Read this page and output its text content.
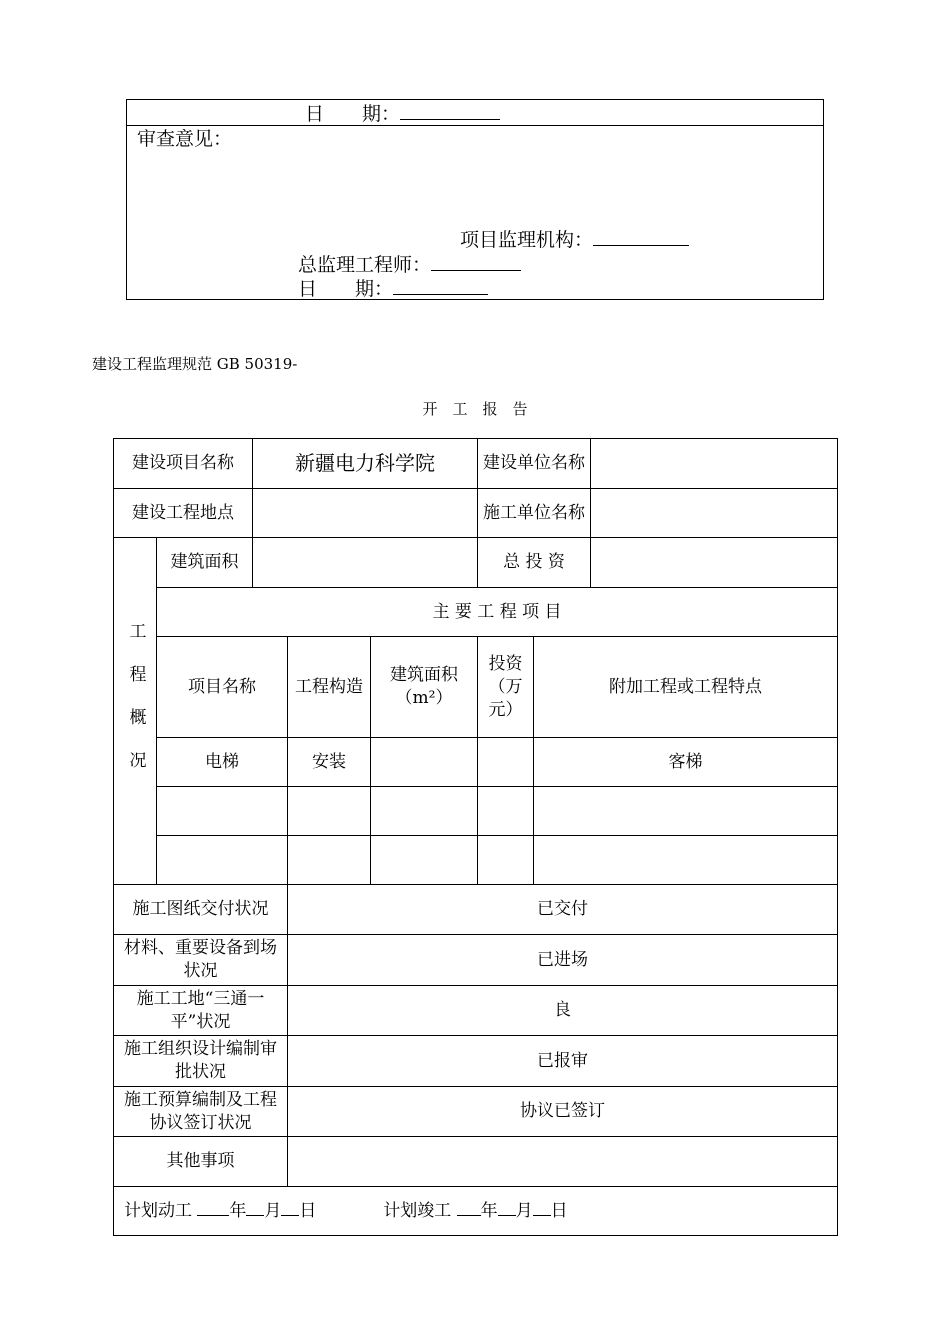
日　　期：
审查意见：
项目监理机构：
总监理工程师：
日　　期：
建设工程监理规范 GB 50319-
开　工　报　告
建设项目名称		新疆电力科学院			建设单位名称		
建设工程地点					施工单位名称		
工程概况	建筑面积				总 投 资		
	主 要 工 程 项 目						
	项目名称		工程构造	建筑面积（m²）	投资（万元）	附加工程或工程特点	
	电梯		安装			客梯	

施工图纸交付状况			已交付				
材料、重要设备到场状况			已进场				
施工工地“三通一平”状况			良				
施工组织设计编制审批状况			已报审				
施工预算编制及工程协议签订状况			协议已签订				
其他事项							
计划动工 年 月 日 计划竣工 年 月 日							
